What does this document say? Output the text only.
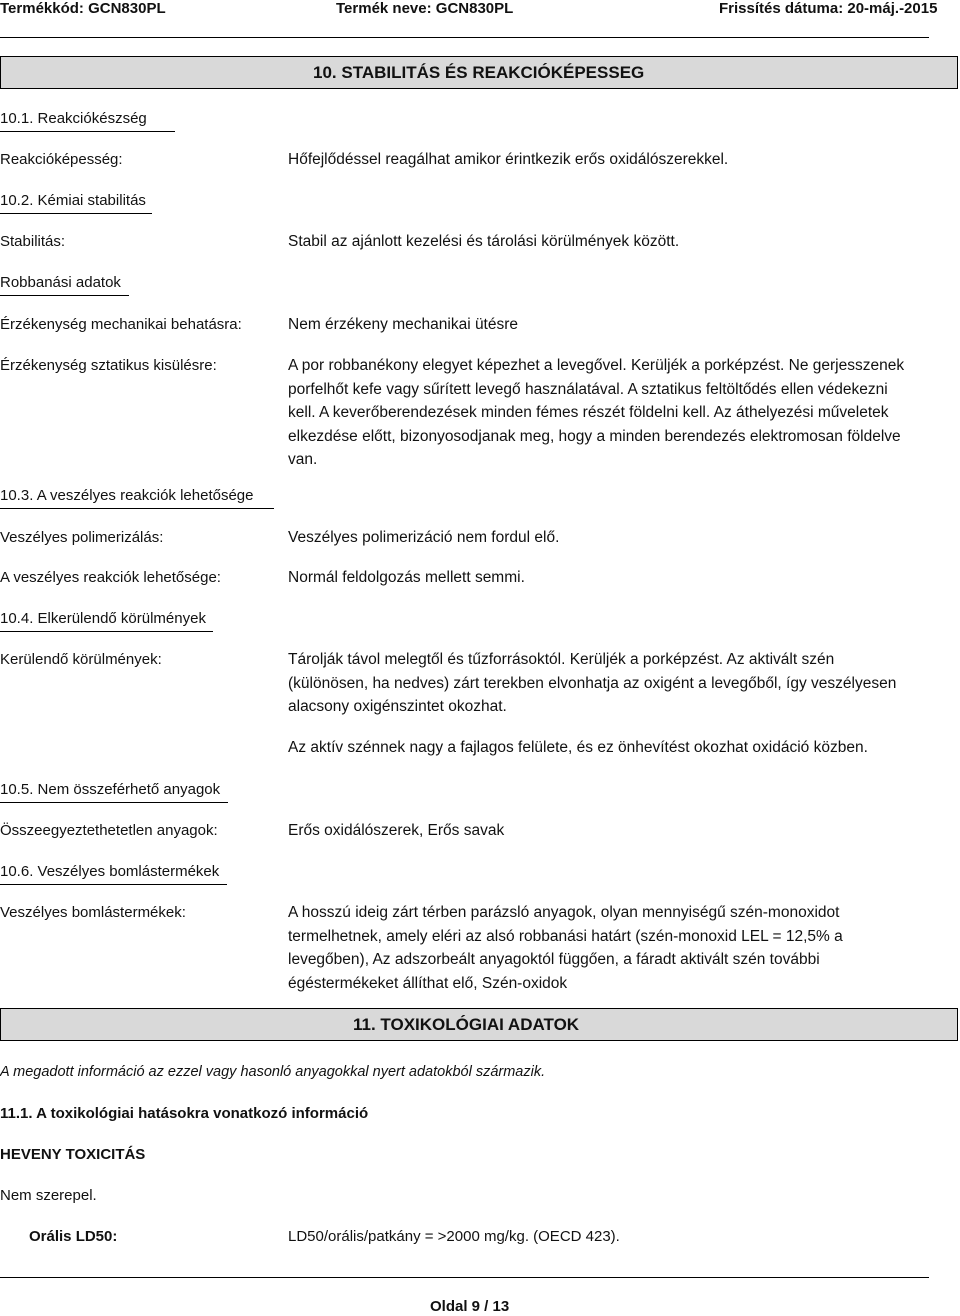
Termékkód: GCN830PL	Termék neve: GCN830PL	Frissítés dátuma: 20-máj.-2015
10. STABILITÁS ÉS REAKCIÓKÉPESSEG
10.1. Reakciókészség
Reakcióképesség:	Hőfejlődéssel reagálhat amikor érintkezik erős oxidálószerekkel.
10.2. Kémiai stabilitás
Stabilitás:	Stabil az ajánlott kezelési és tárolási körülmények között.
Robbanási adatok
Érzékenység mechanikai behatásra:	Nem érzékeny mechanikai ütésre
Érzékenység sztatikus kisülésre:	A por robbanékony elegyet képezhet a levegővel. Kerüljék a porképzést. Ne gerjesszenek
porfelhőt kefe vagy sűrített levegő használatával. A sztatikus feltöltődés ellen védekezni
kell. A keverőberendezések minden fémes részét földelni kell. Az áthelyezési műveletek
elkezdése előtt, bizonyosodjanak meg, hogy a minden berendezés elektromosan földelve
van.
10.3. A veszélyes reakciók lehetősége
Veszélyes polimerizálás:	Veszélyes polimerizáció nem fordul elő.
A veszélyes reakciók lehetősége:	Normál feldolgozás mellett semmi.
10.4. Elkerülendő körülmények
Kerülendő körülmények:	Tárolják távol melegtől és tűzforrásoktól. Kerüljék a porképzést. Az aktivált szén
(különösen, ha nedves) zárt terekben elvonhatja az oxigént a levegőből, így veszélyesen
alacsony oxigénszintet okozhat.
Az aktív szénnek nagy a fajlagos felülete, és ez önhevítést okozhat oxidáció közben.
10.5. Nem összeférhető anyagok
Összeegyeztethetetlen anyagok:	Erős oxidálószerek, Erős savak
10.6. Veszélyes bomlástermékek
Veszélyes bomlástermékek:	A hosszú ideig zárt térben parázsló anyagok, olyan mennyiségű szén-monoxidot
termelhetnek, amely eléri az alsó robbanási határt (szén-monoxid LEL = 12,5% a
levegőben), Az adszorbeált anyagoktól függően, a fáradt aktivált szén további
égéstermékeket állíthat elő, Szén-oxidok
11. TOXIKOLÓGIAI ADATOK
A megadott információ az ezzel vagy hasonló anyagokkal nyert adatokból származik.
11.1. A toxikológiai hatásokra vonatkozó információ
HEVENY TOXICITÁS
Nem szerepel.
Orális LD50:	LD50/orális/patkány = >2000 mg/kg. (OECD 423).
Oldal 9 / 13
